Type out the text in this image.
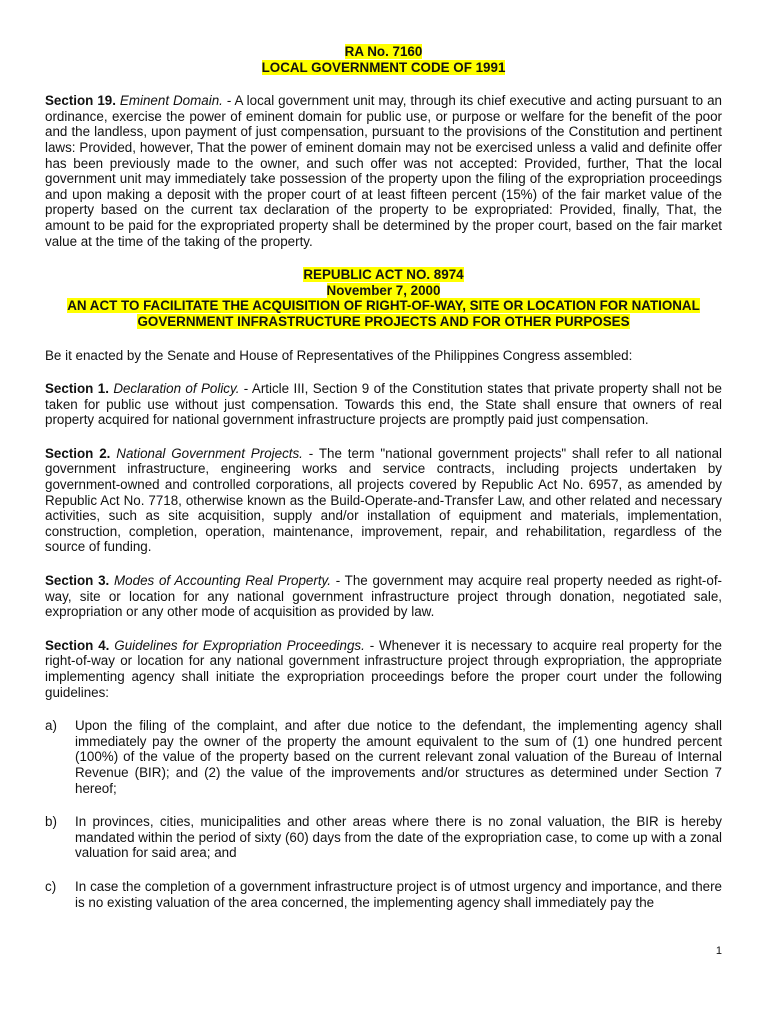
RA No. 7160
LOCAL GOVERNMENT CODE OF 1991

Section 19. Eminent Domain. - A local government unit may, through its chief executive and acting pursuant to an ordinance, exercise the power of eminent domain for public use, or purpose or welfare for the benefit of the poor and the landless, upon payment of just compensation, pursuant to the provisions of the Constitution and pertinent laws: Provided, however, That the power of eminent domain may not be exercised unless a valid and definite offer has been previously made to the owner, and such offer was not accepted: Provided, further, That the local government unit may immediately take possession of the property upon the filing of the expropriation proceedings and upon making a deposit with the proper court of at least fifteen percent (15%) of the fair market value of the property based on the current tax declaration of the property to be expropriated: Provided, finally, That, the amount to be paid for the expropriated property shall be determined by the proper court, based on the fair market value at the time of the taking of the property.

REPUBLIC ACT NO. 8974
November 7, 2000
AN ACT TO FACILITATE THE ACQUISITION OF RIGHT-OF-WAY, SITE OR LOCATION FOR NATIONAL
GOVERNMENT INFRASTRUCTURE PROJECTS AND FOR OTHER PURPOSES

Be it enacted by the Senate and House of Representatives of the Philippines Congress assembled:

Section 1. Declaration of Policy. - Article III, Section 9 of the Constitution states that private property shall not be taken for public use without just compensation. Towards this end, the State shall ensure that owners of real property acquired for national government infrastructure projects are promptly paid just compensation.

Section 2. National Government Projects. - The term "national government projects" shall refer to all national government infrastructure, engineering works and service contracts, including projects undertaken by government-owned and controlled corporations, all projects covered by Republic Act No. 6957, as amended by Republic Act No. 7718, otherwise known as the Build-Operate-and-Transfer Law, and other related and necessary activities, such as site acquisition, supply and/or installation of equipment and materials, implementation, construction, completion, operation, maintenance, improvement, repair, and rehabilitation, regardless of the source of funding.

Section 3. Modes of Accounting Real Property. - The government may acquire real property needed as right-of-way, site or location for any national government infrastructure project through donation, negotiated sale, expropriation or any other mode of acquisition as provided by law.

Section 4. Guidelines for Expropriation Proceedings. - Whenever it is necessary to acquire real property for the right-of-way or location for any national government infrastructure project through expropriation, the appropriate implementing agency shall initiate the expropriation proceedings before the proper court under the following guidelines:

a) Upon the filing of the complaint, and after due notice to the defendant, the implementing agency shall immediately pay the owner of the property the amount equivalent to the sum of (1) one hundred percent (100%) of the value of the property based on the current relevant zonal valuation of the Bureau of Internal Revenue (BIR); and (2) the value of the improvements and/or structures as determined under Section 7 hereof;
b) In provinces, cities, municipalities and other areas where there is no zonal valuation, the BIR is hereby mandated within the period of sixty (60) days from the date of the expropriation case, to come up with a zonal valuation for said area; and
c) In case the completion of a government infrastructure project is of utmost urgency and importance, and there is no existing valuation of the area concerned, the implementing agency shall immediately pay the
1
